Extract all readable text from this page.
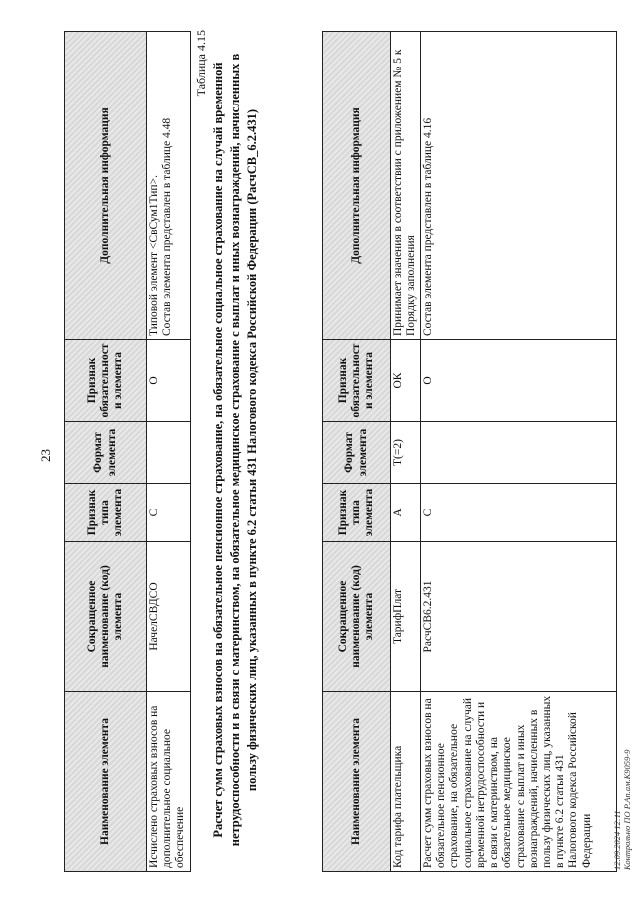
23
Наименование элемента	Сокращенное наименование (код) элемента	Признак типа элемента	Формат элемента	Признак обязательности элемента	Дополнительная информация
Исчислено страховых взносов на дополнительное социальное обеспечение	НачелСВДСО	С		О	Типовой элемент <СвСум1Тип>. Состав элемента представлен в таблице 4.48
Таблица 4.15 Расчет сумм страховых взносов на обязательное пенсионное страхование, на обязательное социальное страхование на случай временной нетрудоспособности и в связи с материнством, на обязательное медицинское страхование с выплат и иных вознаграждений, начисленных в пользу физических лиц, указанных в пункте 6.2 статьи 431 Налогового кодекса Российской Федерации (РасчСВ_6.2.431)	Наименование элемента	Сокращенное наименование (код) элемента	Признак типа элемента	Формат элемента	Признак обязательности элемента	Дополнительная информация
Код тарифа плательщика	ТарифПлат	А	T(=2)	ОК	Принимает значения в соответствии с приложением № 5 к Порядку заполнения

Расчет сумм страховых взносов на обязательное пенсионное страхование, на обязательное социальное страхование на случай временной нетрудоспособности и в связи с материнством, на обязательное медицинское страхование с выплат и иных вознаграждений, начисленных в пользу физических лиц, указанных в пункте 6.2 статьи 431 Налогового кодекса Российской Федерации	РасчСВ6.2.431	С		О	Состав элемента представлен в таблице 4.16
12.09.2024 12:11 Контрольно ПО Р.Ап.ам.К9059-9
